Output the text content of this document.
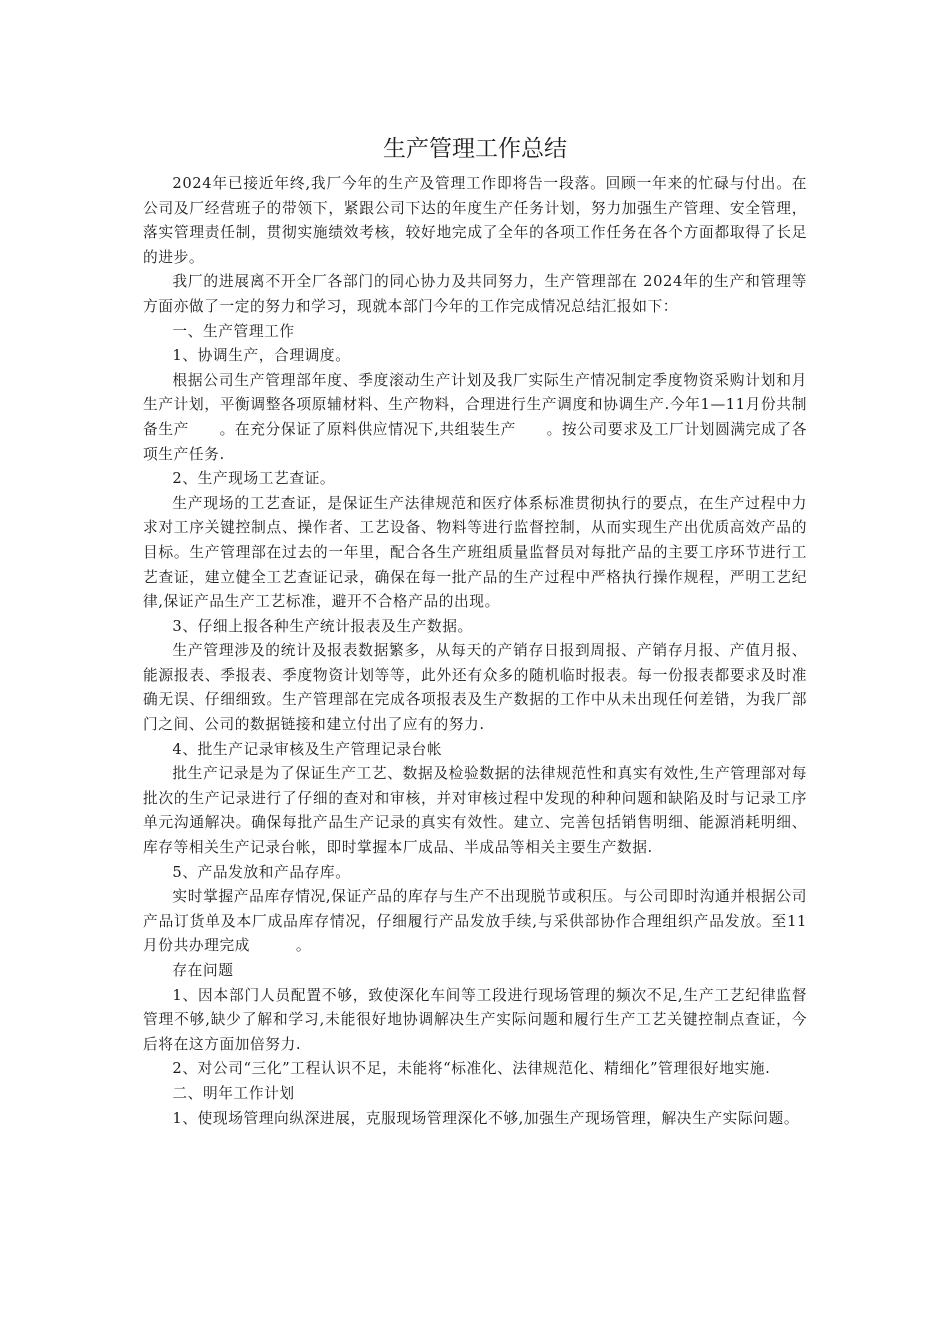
生产管理工作总结

2024年已接近年终,我厂今年的生产及管理工作即将告一段落。回顾一年来的忙碌与付出。在公司及厂经营班子的带领下，紧跟公司下达的年度生产任务计划，努力加强生产管理、安全管理，落实管理责任制，贯彻实施绩效考核，较好地完成了全年的各项工作任务在各个方面都取得了长足的进步。

我厂的进展离不开全厂各部门的同心协力及共同努力，生产管理部在 2024年的生产和管理等方面亦做了一定的努力和学习，现就本部门今年的工作完成情况总结汇报如下：

一、生产管理工作

1、协调生产，合理调度。

根据公司生产管理部年度、季度滚动生产计划及我厂实际生产情况制定季度物资采购计划和月生产计划，平衡调整各项原辅材料、生产物料，合理进行生产调度和协调生产.今年1—11月份共制备生产　　。在充分保证了原料供应情况下,共组装生产　　。按公司要求及工厂计划圆满完成了各项生产任务.

2、生产现场工艺查证。

生产现场的工艺查证，是保证生产法律规范和医疗体系标准贯彻执行的要点，在生产过程中力求对工序关键控制点、操作者、工艺设备、物料等进行监督控制，从而实现生产出优质高效产品的目标。生产管理部在过去的一年里，配合各生产班组质量监督员对每批产品的主要工序环节进行工艺查证，建立健全工艺查证记录，确保在每一批产品的生产过程中严格执行操作规程，严明工艺纪律,保证产品生产工艺标准，避开不合格产品的出现。

3、仔细上报各种生产统计报表及生产数据。

生产管理涉及的统计及报表数据繁多，从每天的产销存日报到周报、产销存月报、产值月报、能源报表、季报表、季度物资计划等等，此外还有众多的随机临时报表。每一份报表都要求及时准确无误、仔细细致。生产管理部在完成各项报表及生产数据的工作中从未出现任何差错，为我厂部门之间、公司的数据链接和建立付出了应有的努力.

4、批生产记录审核及生产管理记录台帐

批生产记录是为了保证生产工艺、数据及检验数据的法律规范性和真实有效性,生产管理部对每批次的生产记录进行了仔细的查对和审核，并对审核过程中发现的种种问题和缺陷及时与记录工序单元沟通解决。确保每批产品生产记录的真实有效性。建立、完善包括销售明细、能源消耗明细、库存等相关生产记录台帐，即时掌握本厂成品、半成品等相关主要生产数据.

5、产品发放和产品存库。

实时掌握产品库存情况,保证产品的库存与生产不出现脱节或积压。与公司即时沟通并根据公司产品订货单及本厂成品库存情况，仔细履行产品发放手续,与采供部协作合理组织产品发放。至11月份共办理完成　　　。

存在问题

1、因本部门人员配置不够，致使深化车间等工段进行现场管理的频次不足,生产工艺纪律监督管理不够,缺少了解和学习,未能很好地协调解决生产实际问题和履行生产工艺关键控制点查证，今后将在这方面加倍努力.

2、对公司“三化”工程认识不足，未能将“标准化、法律规范化、精细化”管理很好地实施.

二、明年工作计划

1、使现场管理向纵深进展，克服现场管理深化不够,加强生产现场管理，解决生产实际问题。
